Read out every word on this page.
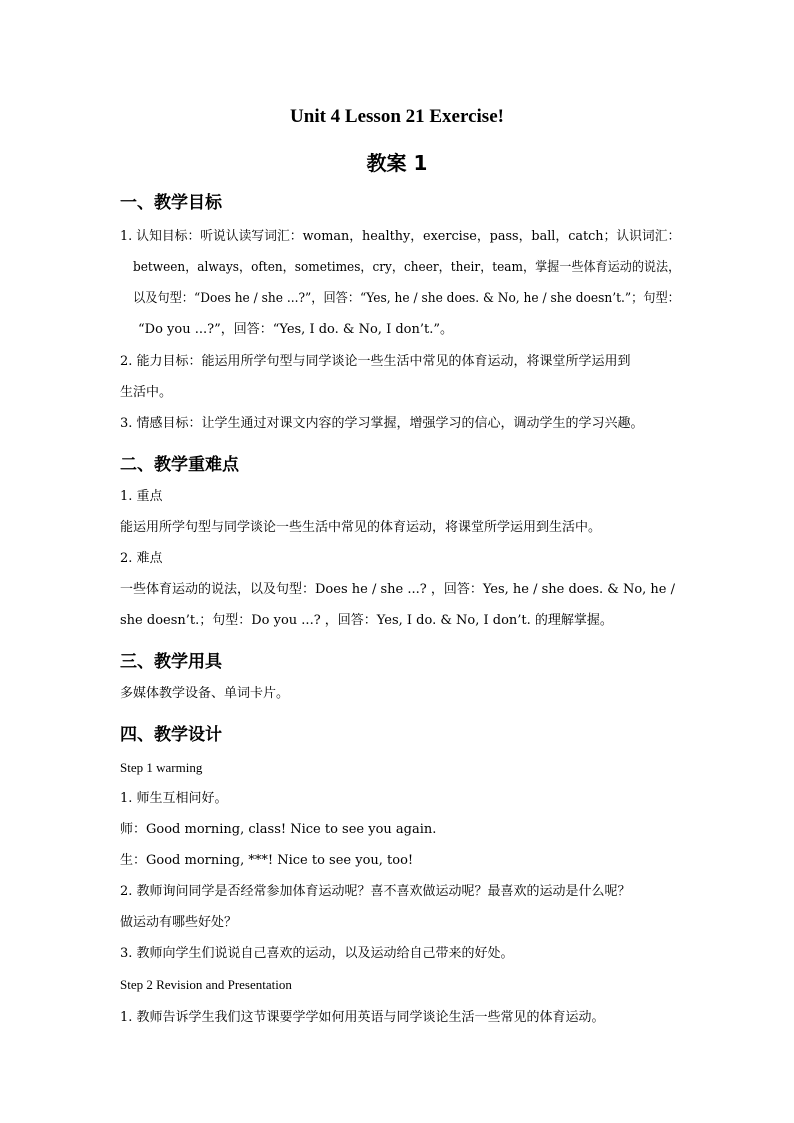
Unit 4 Lesson 21 Exercise!
教案 1
一、教学目标
1. 认知目标：听说认读写词汇：woman，healthy，exercise，pass，ball，catch；认识词汇：
between，always，often，sometimes，cry，cheer，their，team，掌握一些体育运动的说法，
以及句型：“Does he / she ...?”，回答：“Yes, he / she does. & No, he / she doesn’t.”；句型：
“Do you ...?”，回答：“Yes, I do. & No, I don’t.”。
2. 能力目标：能运用所学句型与同学谈论一些生活中常见的体育运动，将课堂所学运用到
生活中。
3. 情感目标：让学生通过对课文内容的学习掌握，增强学习的信心，调动学生的学习兴趣。
二、教学重难点
1. 重点
能运用所学句型与同学谈论一些生活中常见的体育运动，将课堂所学运用到生活中。
2. 难点
一些体育运动的说法，以及句型：Does he / she ...? ，回答：Yes, he / she does. & No, he /
she doesn’t.；句型：Do you ...? ，回答：Yes, I do. & No, I don’t. 的理解掌握。
三、教学用具
多媒体教学设备、单词卡片。
四、教学设计
Step 1 warming
1. 师生互相问好。
师：Good morning, class! Nice to see you again.
生：Good morning, ***! Nice to see you, too!
2. 教师询问同学是否经常参加体育运动呢？喜不喜欢做运动呢？最喜欢的运动是什么呢？
做运动有哪些好处？
3. 教师向学生们说说自己喜欢的运动，以及运动给自己带来的好处。
Step 2 Revision and Presentation
1. 教师告诉学生我们这节课要学学如何用英语与同学谈论生活一些常见的体育运动。
